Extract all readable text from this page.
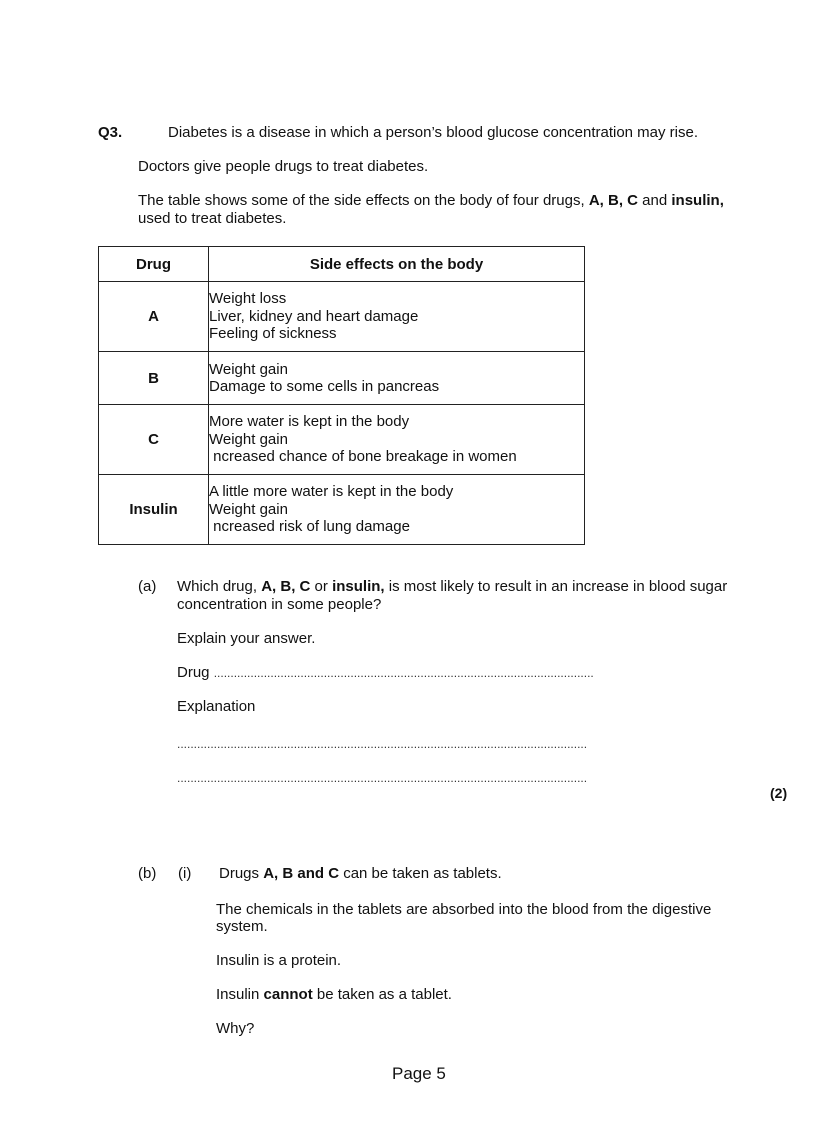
Q3.	Diabetes is a disease in which a person’s blood glucose concentration may rise.
Doctors give people drugs to treat diabetes.
The table shows some of the side effects on the body of four drugs, A, B, C and insulin,
used to treat diabetes.
Drug	Side effects on the body
A	Weight loss
Liver, kidney and heart damage
Feeling of sickness

B	Weight gain
Damage to some cells in pancreas

C	More water is kept in the body
Weight gain
ncreased chance of bone breakage in women

Insulin	A little more water is kept in the body
Weight gain
ncreased risk of lung damage
(a) Which drug, A, B, C or insulin, is most likely to result in an increase in blood sugar
concentration in some people?
Explain your answer.
Drug ..................................................................................................................
Explanation
...........................................................................................................................
...........................................................................................................................
(2)
(b) (i) Drugs A, B and C can be taken as tablets.
The chemicals in the tablets are absorbed into the blood from the digestive
system.
Insulin is a protein.
Insulin cannot be taken as a tablet.
Why?
Page 5
